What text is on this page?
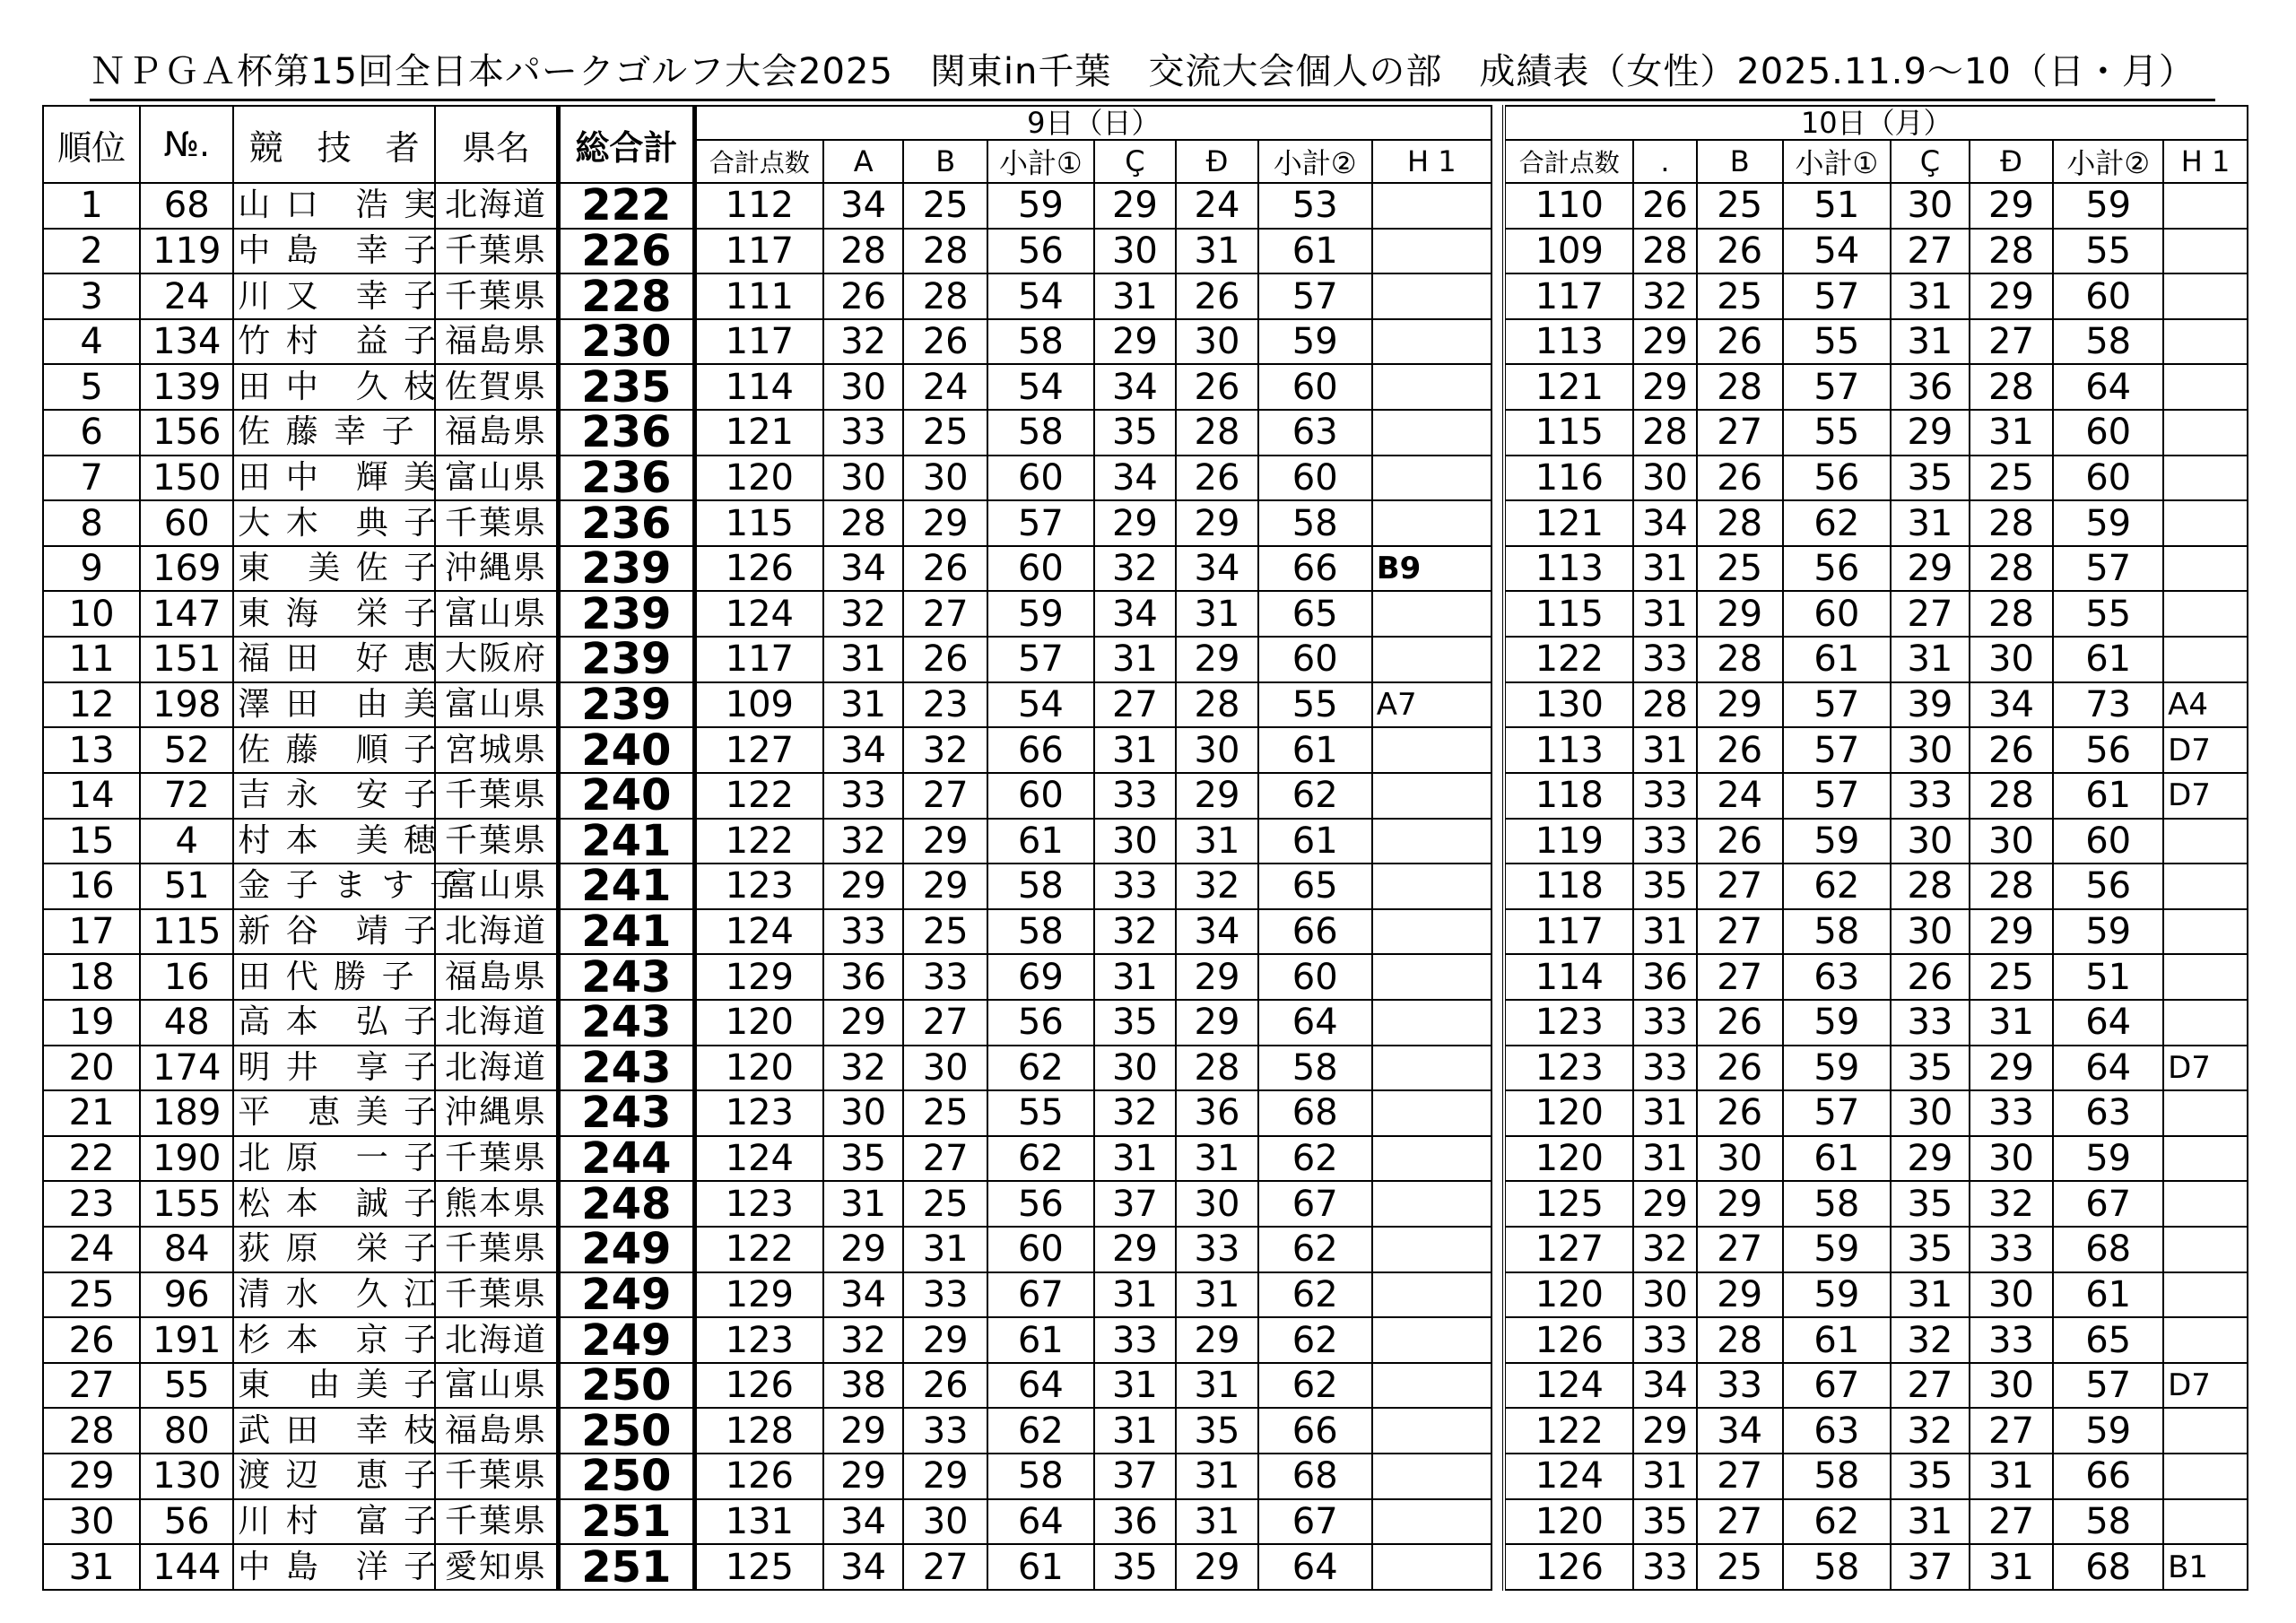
ＮＰＧＡ杯第15回全日本パークゴルフ大会2025　関東in千葉　交流大会個人の部　成績表（女性）2025.11.9～10（日・月）
順位	№.	競　技　者	県名	総合計	9日（日）									10日（月）							
					合計点数	A	B	小計①	Ç	Đ	小計②	H 1		合計点数	.	B	小計①	Ç	Đ	小計②	H 1
1	68	山 口　浩 実	北海道	222	112	34	25	59	29	24	53			110	26	25	51	30	29	59	
2	119	中 島　幸 子	千葉県	226	117	28	28	56	30	31	61			109	28	26	54	27	28	55	
3	24	川 又　幸 子	千葉県	228	111	26	28	54	31	26	57			117	32	25	57	31	29	60	
4	134	竹 村　益 子	福島県	230	117	32	26	58	29	30	59			113	29	26	55	31	27	58	
5	139	田 中　久 枝	佐賀県	235	114	30	24	54	34	26	60			121	29	28	57	36	28	64	
6	156	佐 藤 幸 子	福島県	236	121	33	25	58	35	28	63			115	28	27	55	29	31	60	
7	150	田 中　輝 美	富山県	236	120	30	30	60	34	26	60			116	30	26	56	35	25	60	
8	60	大 木　典 子	千葉県	236	115	28	29	57	29	29	58			121	34	28	62	31	28	59	
9	169	東　美 佐 子	沖縄県	239	126	34	26	60	32	34	66	B9		113	31	25	56	29	28	57	
10	147	東 海　栄 子	富山県	239	124	32	27	59	34	31	65			115	31	29	60	27	28	55	
11	151	福 田　好 恵	大阪府	239	117	31	26	57	31	29	60			122	33	28	61	31	30	61	
12	198	澤 田　由 美	富山県	239	109	31	23	54	27	28	55	A7		130	28	29	57	39	34	73	A4
13	52	佐 藤　順 子	宮城県	240	127	34	32	66	31	30	61			113	31	26	57	30	26	56	D7
14	72	吉 永　安 子	千葉県	240	122	33	27	60	33	29	62			118	33	24	57	33	28	61	D7
15	4	村 本　美 穂	千葉県	241	122	32	29	61	30	31	61			119	33	26	59	30	30	60	
16	51	金 子 ま す 子	富山県	241	123	29	29	58	33	32	65			118	35	27	62	28	28	56	
17	115	新 谷　靖 子	北海道	241	124	33	25	58	32	34	66			117	31	27	58	30	29	59	
18	16	田 代 勝 子	福島県	243	129	36	33	69	31	29	60			114	36	27	63	26	25	51	
19	48	高 本　弘 子	北海道	243	120	29	27	56	35	29	64			123	33	26	59	33	31	64	
20	174	明 井　享 子	北海道	243	120	32	30	62	30	28	58			123	33	26	59	35	29	64	D7
21	189	平　恵 美 子	沖縄県	243	123	30	25	55	32	36	68			120	31	26	57	30	33	63	
22	190	北 原　一 子	千葉県	244	124	35	27	62	31	31	62			120	31	30	61	29	30	59	
23	155	松 本　誠 子	熊本県	248	123	31	25	56	37	30	67			125	29	29	58	35	32	67	
24	84	荻 原　栄 子	千葉県	249	122	29	31	60	29	33	62			127	32	27	59	35	33	68	
25	96	清 水　久 江	千葉県	249	129	34	33	67	31	31	62			120	30	29	59	31	30	61	
26	191	杉 本　京 子	北海道	249	123	32	29	61	33	29	62			126	33	28	61	32	33	65	
27	55	東　由 美 子	富山県	250	126	38	26	64	31	31	62			124	34	33	67	27	30	57	D7
28	80	武 田　幸 枝	福島県	250	128	29	33	62	31	35	66			122	29	34	63	32	27	59	
29	130	渡 辺　恵 子	千葉県	250	126	29	29	58	37	31	68			124	31	27	58	35	31	66	
30	56	川 村　富 子	千葉県	251	131	34	30	64	36	31	67			120	35	27	62	31	27	58	
31	144	中 島　洋 子	愛知県	251	125	34	27	61	35	29	64			126	33	25	58	37	31	68	B1
